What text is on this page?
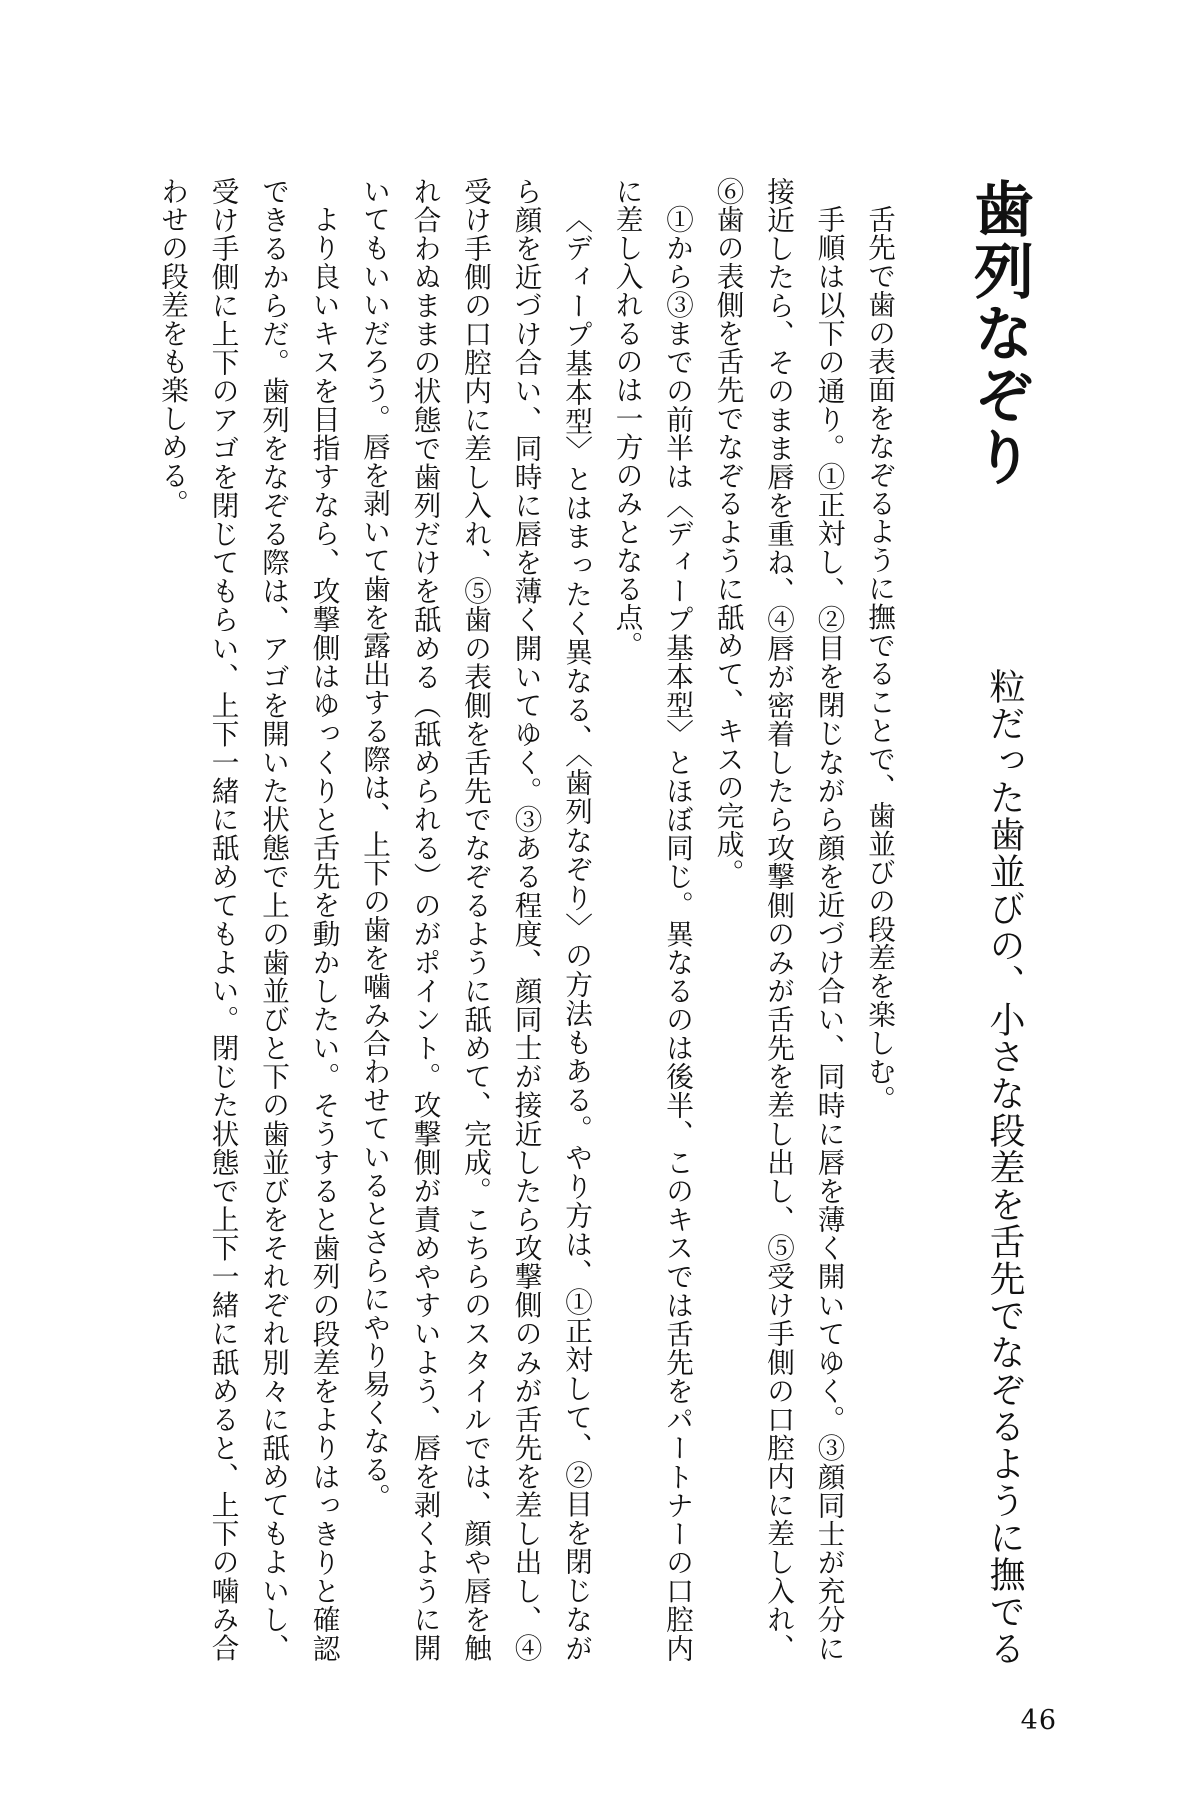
歯列なぞり
粒だった歯並びの、小さな段差を舌先でなぞるように撫でる

舌先で歯の表面をなぞるように撫でることで、歯並びの段差を楽しむ。

手順は以下の通り。①正対し、②目を閉じながら顔を近づけ合い、同時に唇を薄く開いてゆく。③顔同士が充分に接近したら、そのまま唇を重ね、④唇が密着したら攻撃側のみが舌先を差し出し、⑤受け手側の口腔内に差し入れ、⑥歯の表側を舌先でなぞるように舐めて、キスの完成。

①から③までの前半は〈ディープ基本型〉とほぼ同じ。異なるのは後半、このキスでは舌先をパートナーの口腔内に差し入れるのは一方のみとなる点。

〈ディープ基本型〉とはまったく異なる、〈歯列なぞり〉の方法もある。やり方は、①正対して、②目を閉じながら顔を近づけ合い、同時に唇を薄く開いてゆく。③ある程度、顔同士が接近したら攻撃側のみが舌先を差し出し、④受け手側の口腔内に差し入れ、⑤歯の表側を舌先でなぞるように舐めて、完成。こちらのスタイルでは、顔や唇を触れ合わぬままの状態で歯列だけを舐める（舐められる）のがポイント。攻撃側が責めやすいよう、唇を剥くように開いてもいいだろう。唇を剥いて歯を露出する際は、上下の歯を噛み合わせているとさらにやり易くなる。

より良いキスを目指すなら、攻撃側はゆっくりと舌先を動かしたい。そうすると歯列の段差をよりはっきりと確認できるからだ。歯列をなぞる際は、アゴを開いた状態で上の歯並びと下の歯並びをそれぞれ別々に舐めてもよいし、受け手側に上下のアゴを閉じてもらい、上下一緒に舐めてもよい。閉じた状態で上下一緒に舐めると、上下の噛み合わせの段差をも楽しめる。

46
